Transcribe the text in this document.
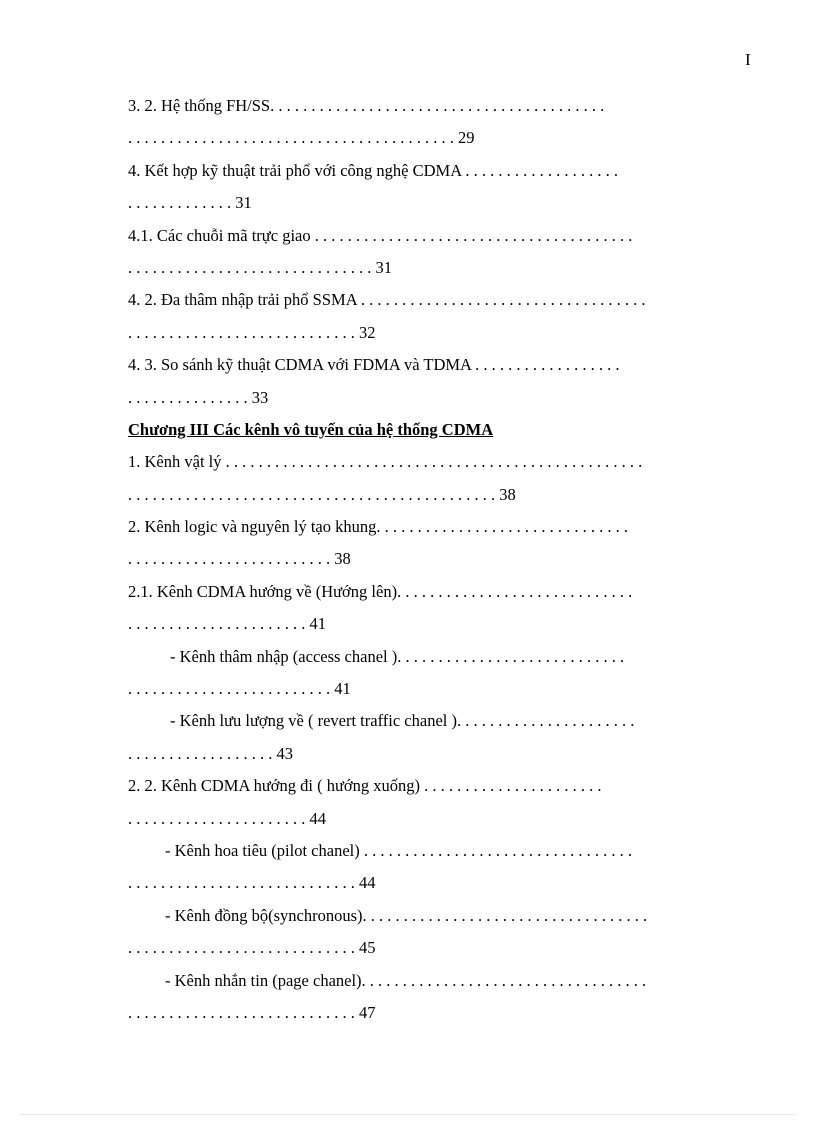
I
3. 2. Hệ thống FH/SS. . . . . . . . . . . . . . . . . . . . . . . . . . . . . . . . . . . . . . . . .
. . . . . . . . . . . . . . . . . . . . . . . . . . . . . . . . . . . . . . . . 29
4. Kết hợp kỹ thuật trải phổ với công nghệ CDMA . . . . . . . . . . . . . . . . . . .
. . . . . . . . . . . . . 31
4.1. Các chuỗi mã trực giao . . . . . . . . . . . . . . . . . . . . . . . . . . . . . . . . . . . . . . .
. . . . . . . . . . . . . . . . . . . . . . . . . . . . . . 31
4. 2. Đa thâm nhập trải phổ SSMA . . . . . . . . . . . . . . . . . . . . . . . . . . . . . . . . . . .
. . . . . . . . . . . . . . . . . . . . . . . . . . . . 32
4. 3. So sánh kỹ thuật CDMA với FDMA và TDMA . . . . . . . . . . . . . . . . . .
. . . . . . . . . . . . . . . 33
Chương III Các kênh vô tuyến của hệ thống CDMA
1. Kênh vật lý . . . . . . . . . . . . . . . . . . . . . . . . . . . . . . . . . . . . . . . . . . . . . . . . . . .
. . . . . . . . . . . . . . . . . . . . . . . . . . . . . . . . . . . . . . . . . . . . . 38
2. Kênh logic và nguyên lý tạo khung. . . . . . . . . . . . . . . . . . . . . . . . . . . . . . .
. . . . . . . . . . . . . . . . . . . . . . . . . 38
2.1. Kênh CDMA hướng về (Hướng lên). . . . . . . . . . . . . . . . . . . . . . . . . . . . .
. . . . . . . . . . . . . . . . . . . . . . 41
- Kênh thâm nhập (access chanel ). . . . . . . . . . . . . . . . . . . . . . . . . . . .
. . . . . . . . . . . . . . . . . . . . . . . . . 41
- Kênh lưu lượng về ( revert traffic chanel ). . . . . . . . . . . . . . . . . . . . . .
. . . . . . . . . . . . . . . . . . 43
2. 2. Kênh CDMA hướng đi ( hướng xuống) . . . . . . . . . . . . . . . . . . . . . .
. . . . . . . . . . . . . . . . . . . . . . 44
- Kênh hoa tiêu (pilot chanel) . . . . . . . . . . . . . . . . . . . . . . . . . . . . . . . . .
. . . . . . . . . . . . . . . . . . . . . . . . . . . . 44
- Kênh đồng bộ(synchronous). . . . . . . . . . . . . . . . . . . . . . . . . . . . . . . . . . .
. . . . . . . . . . . . . . . . . . . . . . . . . . . . 45
- Kênh nhắn tin (page chanel). . . . . . . . . . . . . . . . . . . . . . . . . . . . . . . . . . .
. . . . . . . . . . . . . . . . . . . . . . . . . . . . 47
